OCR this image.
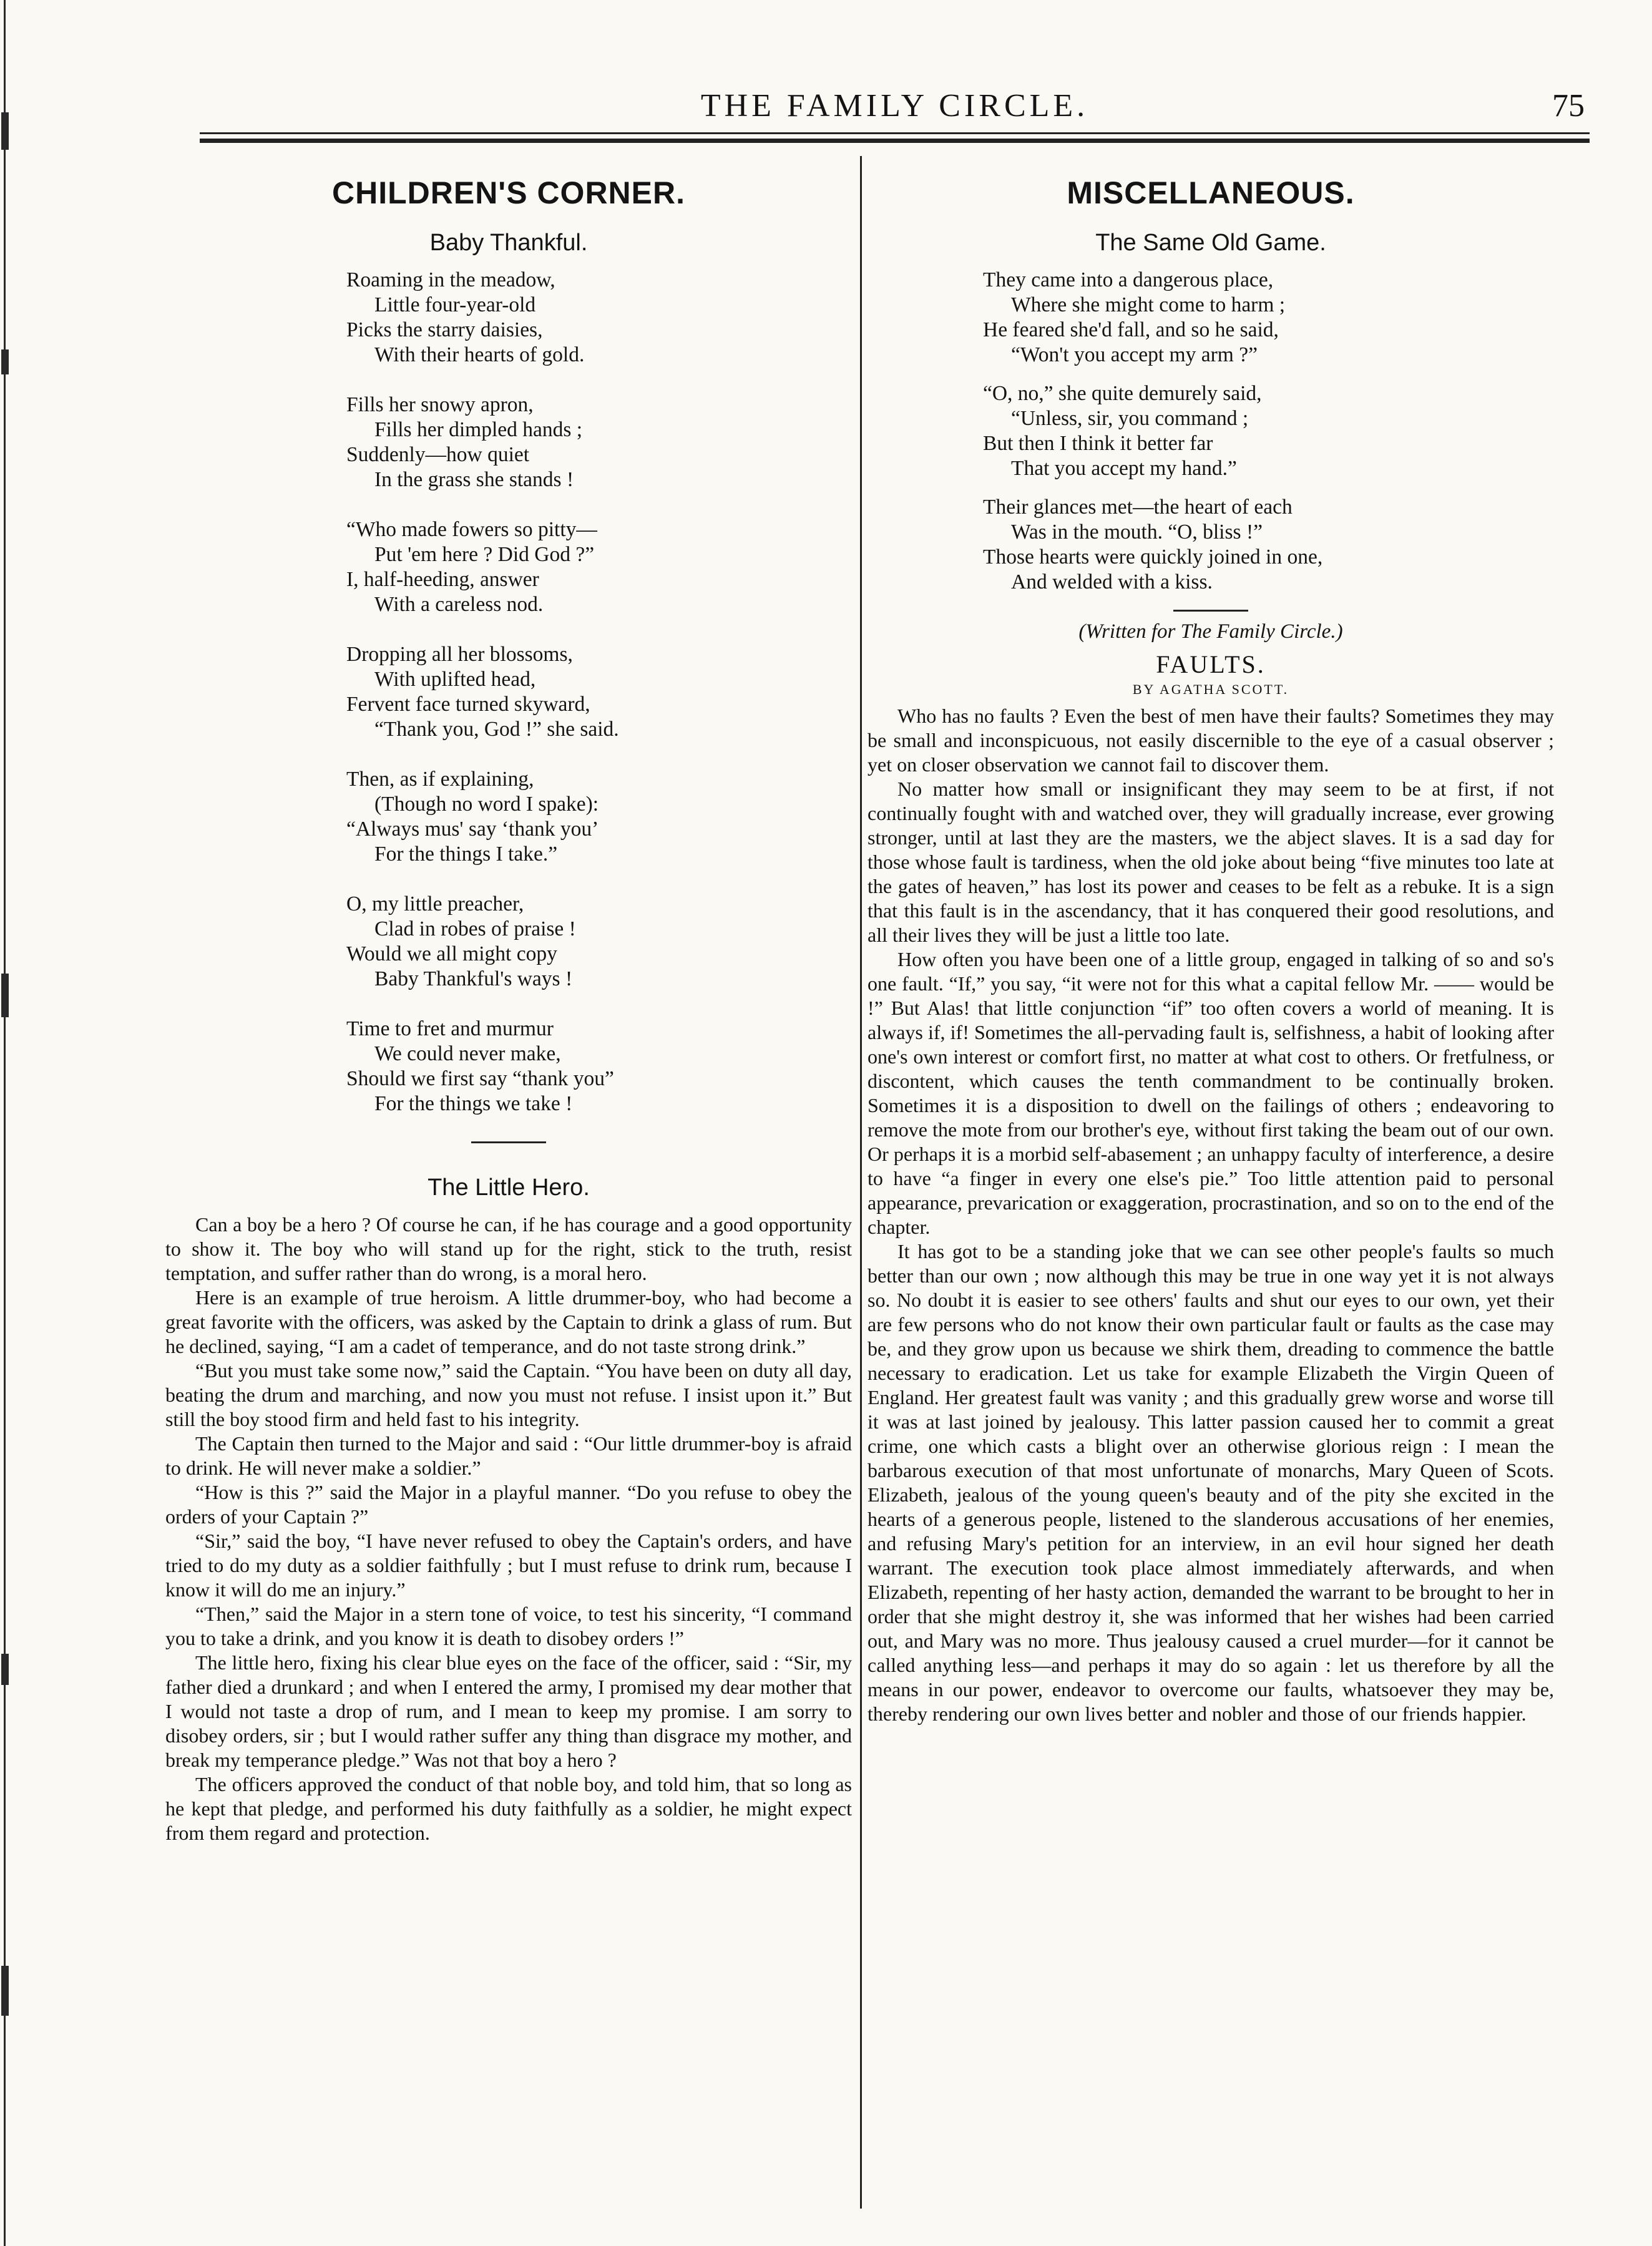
THE FAMILY CIRCLE.	75
CHILDREN'S CORNER.
Baby Thankful.
Roaming in the meadow,
Little four-year-old
Picks the starry daisies,
With their hearts of gold.
Fills her snowy apron,
Fills her dimpled hands ;
Suddenly—how quiet
In the grass she stands !
“Who made fowers so pitty—
Put 'em here ? Did God ?”
I, half-heeding, answer
With a careless nod.
Dropping all her blossoms,
With uplifted head,
Fervent face turned skyward,
“Thank you, God !” she said.
Then, as if explaining,
(Though no word I spake):
“Always mus' say ‘thank you’
For the things I take.”
O, my little preacher,
Clad in robes of praise !
Would we all might copy
Baby Thankful's ways !
Time to fret and murmur
We could never make,
Should we first say “thank you”
For the things we take !
The Little Hero.

Can a boy be a hero ? Of course he can, if he has courage and a good opportunity to show it. The boy who will stand up for the right, stick to the truth, resist temptation, and suffer rather than do wrong, is a moral hero.

Here is an example of true heroism. A little drummer-boy, who had become a great favorite with the officers, was asked by the Captain to drink a glass of rum. But he declined, saying, “I am a cadet of temperance, and do not taste strong drink.”

“But you must take some now,” said the Captain. “You have been on duty all day, beating the drum and marching, and now you must not refuse. I insist upon it.” But still the boy stood firm and held fast to his integrity.

The Captain then turned to the Major and said : “Our little drummer-boy is afraid to drink. He will never make a soldier.”

“How is this ?” said the Major in a playful manner. “Do you refuse to obey the orders of your Captain ?”

“Sir,” said the boy, “I have never refused to obey the Captain's orders, and have tried to do my duty as a soldier faithfully ; but I must refuse to drink rum, because I know it will do me an injury.”

“Then,” said the Major in a stern tone of voice, to test his sincerity, “I command you to take a drink, and you know it is death to disobey orders !”

The little hero, fixing his clear blue eyes on the face of the officer, said : “Sir, my father died a drunkard ; and when I entered the army, I promised my dear mother that I would not taste a drop of rum, and I mean to keep my promise. I am sorry to disobey orders, sir ; but I would rather suffer any thing than disgrace my mother, and break my temperance pledge.” Was not that boy a hero ?

The officers approved the conduct of that noble boy, and told him, that so long as he kept that pledge, and performed his duty faithfully as a soldier, he might expect from them regard and protection.

MISCELLANEOUS.
The Same Old Game.
They came into a dangerous place,
Where she might come to harm ;
He feared she'd fall, and so he said,
“Won't you accept my arm ?”
“O, no,” she quite demurely said,
“Unless, sir, you command ;
But then I think it better far
That you accept my hand.”
Their glances met—the heart of each
Was in the mouth. “O, bliss !”
Those hearts were quickly joined in one,
And welded with a kiss.
(Written for The Family Circle.)
FAULTS.
BY AGATHA SCOTT.

Who has no faults ? Even the best of men have their faults? Sometimes they may be small and inconspicuous, not easily discernible to the eye of a casual observer ; yet on closer observation we cannot fail to discover them.

No matter how small or insignificant they may seem to be at first, if not continually fought with and watched over, they will gradually increase, ever growing stronger, until at last they are the masters, we the abject slaves. It is a sad day for those whose fault is tardiness, when the old joke about being “five minutes too late at the gates of heaven,” has lost its power and ceases to be felt as a rebuke. It is a sign that this fault is in the ascendancy, that it has conquered their good resolutions, and all their lives they will be just a little too late.

How often you have been one of a little group, engaged in talking of so and so's one fault. “If,” you say, “it were not for this what a capital fellow Mr. —— would be !” But Alas! that little conjunction “if” too often covers a world of meaning. It is always if, if! Sometimes the all-pervading fault is, selfishness, a habit of looking after one's own interest or comfort first, no matter at what cost to others. Or fretfulness, or discontent, which causes the tenth commandment to be continually broken. Sometimes it is a disposition to dwell on the failings of others ; endeavoring to remove the mote from our brother's eye, without first taking the beam out of our own. Or perhaps it is a morbid self-abasement ; an unhappy faculty of interference, a desire to have “a finger in every one else's pie.” Too little attention paid to personal appearance, prevarication or exaggeration, procrastination, and so on to the end of the chapter.

It has got to be a standing joke that we can see other people's faults so much better than our own ; now although this may be true in one way yet it is not always so. No doubt it is easier to see others' faults and shut our eyes to our own, yet their are few persons who do not know their own particular fault or faults as the case may be, and they grow upon us because we shirk them, dreading to commence the battle necessary to eradication. Let us take for example Elizabeth the Virgin Queen of England. Her greatest fault was vanity ; and this gradually grew worse and worse till it was at last joined by jealousy. This latter passion caused her to commit a great crime, one which casts a blight over an otherwise glorious reign : I mean the barbarous execution of that most unfortunate of monarchs, Mary Queen of Scots. Elizabeth, jealous of the young queen's beauty and of the pity she excited in the hearts of a generous people, listened to the slanderous accusations of her enemies, and refusing Mary's petition for an interview, in an evil hour signed her death warrant. The execution took place almost immediately afterwards, and when Elizabeth, repenting of her hasty action, demanded the warrant to be brought to her in order that she might destroy it, she was informed that her wishes had been carried out, and Mary was no more. Thus jealousy caused a cruel murder—for it cannot be called anything less—and perhaps it may do so again : let us therefore by all the means in our power, endeavor to overcome our faults, whatsoever they may be, thereby rendering our own lives better and nobler and those of our friends happier.
